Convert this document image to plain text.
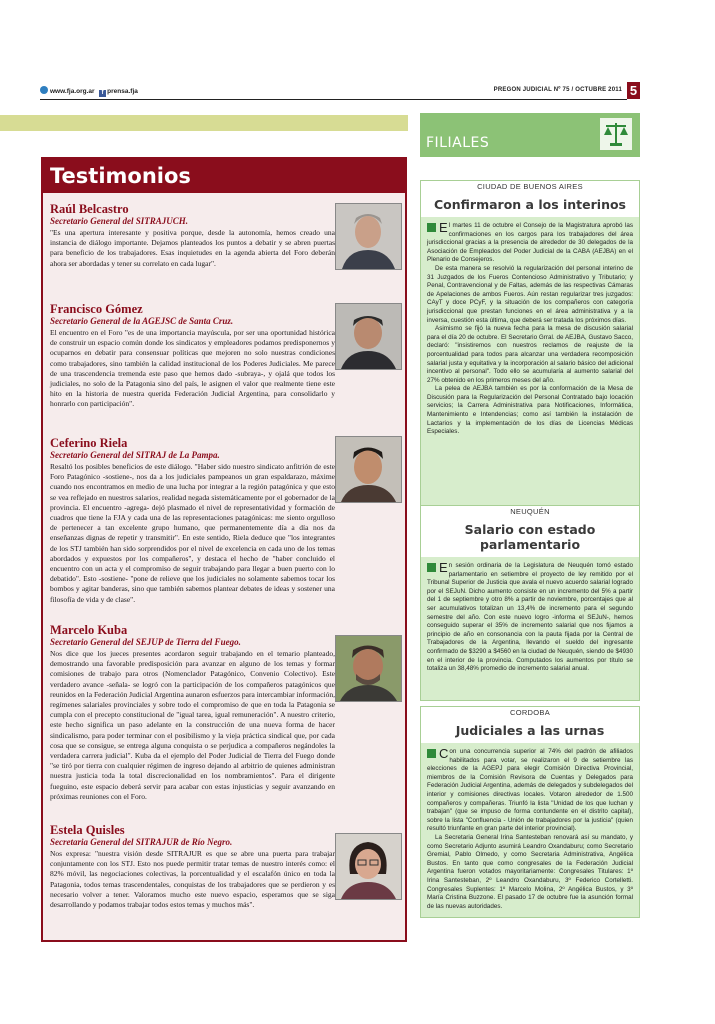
www.fja.org.ar f prensa.fja	PREGON JUDICIAL Nº 75 / OCTUBRE 2011 5
Testimonios
Raúl Belcastro
Secretario General del SITRAJUCH.
"Es una apertura interesante y positiva porque, desde la autonomía, hemos creado una instancia de diálogo importante. Dejamos planteados los puntos a debatir y se abren puertas para beneficio de los trabajadores. Esas inquietudes en la agenda abierta del Foro deberán ahora ser abordadas y tener su correlato en cada lugar".
Francisco Gómez
Secretario General de la AGEJSC de Santa Cruz.
El encuentro en el Foro "es de una importancia mayúscula, por ser una oportunidad histórica de construir un espacio común donde los sindicatos y empleadores podamos predisponernos y ocuparnos en debatir para consensuar políticas que mejoren no solo nuestras condiciones como trabajadores, sino también la calidad institucional de los Poderes Judiciales. Me parece de una trascendencia tremenda este paso que hemos dado -subraya-, y ojalá que todos los judiciales, no solo de la Patagonia sino del país, le asignen el valor que realmente tiene este hito en la historia de nuestra querida Federación Judicial Argentina, para consolidarlo y honrarlo con participación".
Ceferino Riela
Secretario General del SITRAJ de La Pampa.
Resaltó los posibles beneficios de este diálogo. "Haber sido nuestro sindicato anfitrión de este Foro Patagónico -sostiene-, nos da a los judiciales pampeanos un gran espaldarazo, máxime cuando nos encontramos en medio de una lucha por integrar a la región patagónica y que esto se vea reflejado en nuestros salarios, realidad negada sistemáticamente por el gobernador de la provincia. El encuentro -agrega- dejó plasmado el nivel de representatividad y formación de cuadros que tiene la FJA y cada una de las representaciones patagónicas: me siento orgulloso de pertenecer a tan excelente grupo humano, que permanentemente día a día nos da enseñanzas dignas de repetir y transmitir". En este sentido, Riela deduce que "los integrantes de los STJ también han sido sorprendidos por el nivel de excelencia en cada uno de los temas abordados y expuestos por los compañeros", y destaca el hecho de "haber concluido el encuentro con un acta y el compromiso de seguir trabajando para llegar a buen puerto con lo debatido". Esto -sostiene- "pone de relieve que los judiciales no solamente sabemos tocar los bombos y agitar banderas, sino que también sabemos plantear debates de ideas y sostener una filosofía de vida y de clase".
Marcelo Kuba
Secretario General del SEJUP de Tierra del Fuego.
Nos dice que los jueces presentes acordaron seguir trabajando en el temario planteado, demostrando una favorable predisposición para avanzar en alguno de los temas y formar comisiones de trabajo para otros (Nomenclador Patagónico, Convenio Colectivo). Este verdadero avance -señala- se logró con la participación de los compañeros patagónicos que reunidos en la Federación Judicial Argentina aunaron esfuerzos para intercambiar información, regímenes salariales provinciales y sobre todo el compromiso de que en toda la Patagonia se cumpla con el precepto constitucional de "igual tarea, igual remuneración". A nuestro criterio, este hecho significa un paso adelante en la construcción de una nueva forma de hacer sindicalismo, para poder terminar con el posibilismo y la vieja práctica sindical que, por cada cosa que se consigue, se entrega alguna conquista o se perjudica a compañeros negándoles la verdadera carrera judicial". Kuba da el ejemplo del Poder Judicial de Tierra del Fuego donde "se tiró por tierra con cualquier régimen de ingreso dejando al arbitrio de quienes administran nuestra justicia toda la total discrecionalidad en los nombramientos". Para el dirigente fueguino, este espacio deberá servir para acabar con estas injusticias y seguir avanzando en próximas reuniones con el Foro.
Estela Quisles
Secretaria General del SITRAJUR de Río Negro.
Nos expresa: "nuestra visión desde SITRAJUR es que se abre una puerta para trabajar conjuntamente con los STJ. Esto nos puede permitir tratar temas de nuestro interés como: el 82% móvil, las negociaciones colectivas, la porcentualidad y el escalafón único en toda la Patagonia, todos temas trascendentales, conquistas de los trabajadores que se perdieron y es necesario volver a tener. Valoramos mucho este nuevo espacio, esperamos que se siga desarrollando y podamos trabajar todos estos temas y muchos más".
FILIALES
CIUDAD DE BUENOS AIRES
Confirmaron a los interinos

El martes 11 de octubre el Consejo de la Magistratura aprobó las confirmaciones en los cargos para los trabajadores del área jurisdiccional gracias a la presencia de alrededor de 30 delegados de la Asociación de Empleados del Poder Judicial de la CABA (AEJBA) en el Plenario de Consejeros.

De esta manera se resolvió la regularización del personal interino de 31 Juzgados de los Fueros Contencioso Administrativo y Tributario; y Penal, Contravencional y de Faltas, además de las respectivas Cámaras de Apelaciones de ambos Fueros. Aún restan regularizar tres juzgados: CAyT y doce PCyF, y la situación de los compañeros con categoría jurisdiccional que prestan funciones en el área administrativa y a la inversa, cuestión esta última, que deberá ser tratada los próximos días.

Asimismo se fijó la nueva fecha para la mesa de discusión salarial para el día 20 de octubre. El Secretario Grral. de AEJBA, Gustavo Sacco, declaró: "insistiremos con nuestros reclamos de reajuste de la porcentualidad para todos para alcanzar una verdadera recomposición salarial justa y equitativa y la incorporación al salario básico del adicional incentivo al personal". Todo ello se acumularía al aumento salarial del 27% obtenido en los primeros meses del año.

La pelea de AEJBA también es por la conformación de la Mesa de Discusión para la Regularización del Personal Contratado bajo locación servicios; la Carrera Administrativa para Notificaciones, Informática, Mantenimiento e Intendencias; como así también la instalación de Lactarios y la implementación de los días de Licencias Médicas Especiales.

NEUQUÉN
Salario con estado parlamentario

En sesión ordinaria de la Legislatura de Neuquén tomó estado parlamentario en setiembre el proyecto de ley remitido por el Tribunal Superior de Justicia que avala el nuevo acuerdo salarial logrado por el SEJuN. Dicho aumento consiste en un incremento del 5% a partir del 1 de septiembre y otro 8% a partir de noviembre, porcentajes que al ser acumulativos totalizan un 13,4% de incremento para el segundo semestre del año. Con este nuevo logro -informa el SEJuN-, hemos conseguido superar el 35% de incremento salarial que nos fijamos a principio de año en consonancia con la pauta fijada por la Central de Trabajadores de la Argentina, llevando el sueldo del ingresante confirmado de $3290 a $4560 en la ciudad de Neuquén, siendo de $4930 en el interior de la provincia. Computados los aumentos por título se totaliza un 38,48% promedio de incremento salarial anual.

CORDOBA
Judiciales a las urnas

Con una concurrencia superior al 74% del padrón de afiliados habilitados para votar, se realizaron el 9 de setiembre las elecciones de la AGEPJ para elegir Comisión Directiva Provincial, miembros de la Comisión Revisora de Cuentas y Delegados para Federación Judicial Argentina, además de delegados y subdelegados del interior y comisiones directivas locales. Votaron alrededor de 1.500 compañeros y compañeras. Triunfó la lista "Unidad de los que luchan y trabajan" (que se impuso de forma contundente en el distrito capital), sobre la lista "Confluencia - Unión de trabajadores por la justicia" (quien resultó triunfante en gran parte del interior provincial).

La Secretaria General Irina Santesteban renovará así su mandato, y como Secretario Adjunto asumirá Leandro Oxandaburu; como Secretario Gremial, Pablo Olmedo, y como Secretaria Administrativa, Angélica Bustos. En tanto que como congresales de la Federación Judicial Argentina fueron votados mayoritariamente: Congresales Titulares: 1º Irina Santesteban, 2º Leandro Oxandaburu, 3º Federico Cortelletti. Congresales Suplentes: 1º Marcelo Molina, 2º Angélica Bustos, y 3º María Cristina Buzzone. El pasado 17 de octubre fue la asunción formal de las nuevas autoridades.
